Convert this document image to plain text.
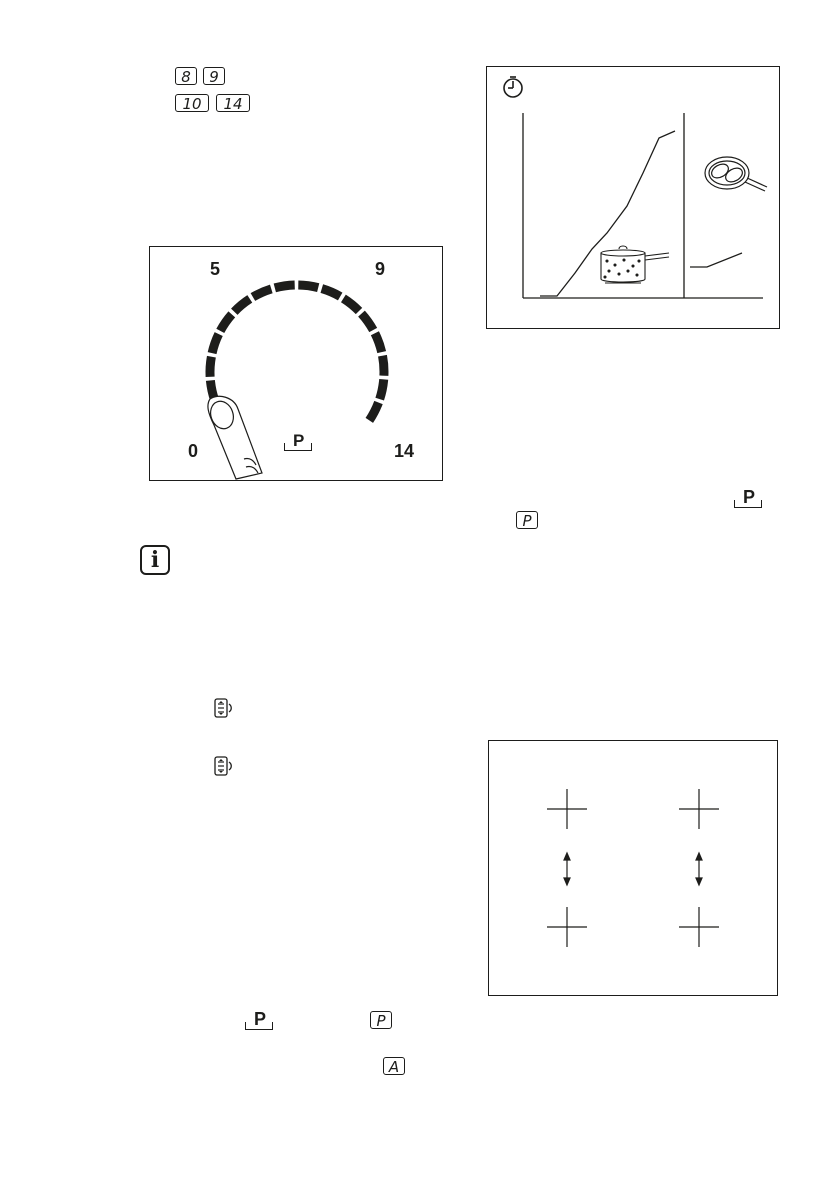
8	9
10	14
5	9
0	14
P
P
P
i
P	P
A
